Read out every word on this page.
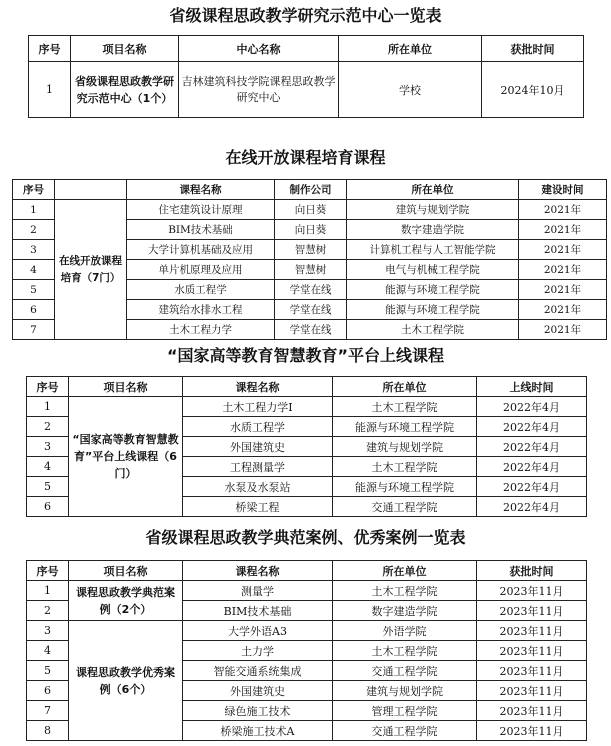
省级课程思政教学研究示范中心一览表
序号	项目名称	中心名称	所在单位	获批时间
1	省级课程思政教学研究示范中心（1个）	吉林建筑科技学院课程思政教学研究中心	学校	2024年10月
在线开放课程培育课程
序号		课程名称	制作公司	所在单位	建设时间
1	在线开放课程培育（7门）	住宅建筑设计原理	向日葵	建筑与规划学院	2021年
2		BIM技术基础	向日葵	数字建造学院	2021年
3		大学计算机基础及应用	智慧树	计算机工程与人工智能学院	2021年
4		单片机原理及应用	智慧树	电气与机械工程学院	2021年
5		水质工程学	学堂在线	能源与环境工程学院	2021年
6		建筑给水排水工程	学堂在线	能源与环境工程学院	2021年
7		土木工程力学	学堂在线	土木工程学院	2021年
“国家高等教育智慧教育”平台上线课程
序号	项目名称	课程名称	所在单位	上线时间
1	“国家高等教育智慧教育”平台上线课程（6门）	土木工程力学Ⅰ	土木工程学院	2022年4月
2		水质工程学	能源与环境工程学院	2022年4月
3		外国建筑史	建筑与规划学院	2022年4月
4		工程测量学	土木工程学院	2022年4月
5		水泵及水泵站	能源与环境工程学院	2022年4月
6		桥梁工程	交通工程学院	2022年4月
省级课程思政教学典范案例、优秀案例一览表
序号	项目名称	课程名称	所在单位	获批时间
1	课程思政教学典范案例（2个）	测量学	土木工程学院	2023年11月
2		BIM技术基础	数字建造学院	2023年11月
3	课程思政教学优秀案例（6个）	大学外语A3	外语学院	2023年11月
4		土力学	土木工程学院	2023年11月
5		智能交通系统集成	交通工程学院	2023年11月
6		外国建筑史	建筑与规划学院	2023年11月
7		绿色施工技术	管理工程学院	2023年11月
8		桥梁施工技术A	交通工程学院	2023年11月
